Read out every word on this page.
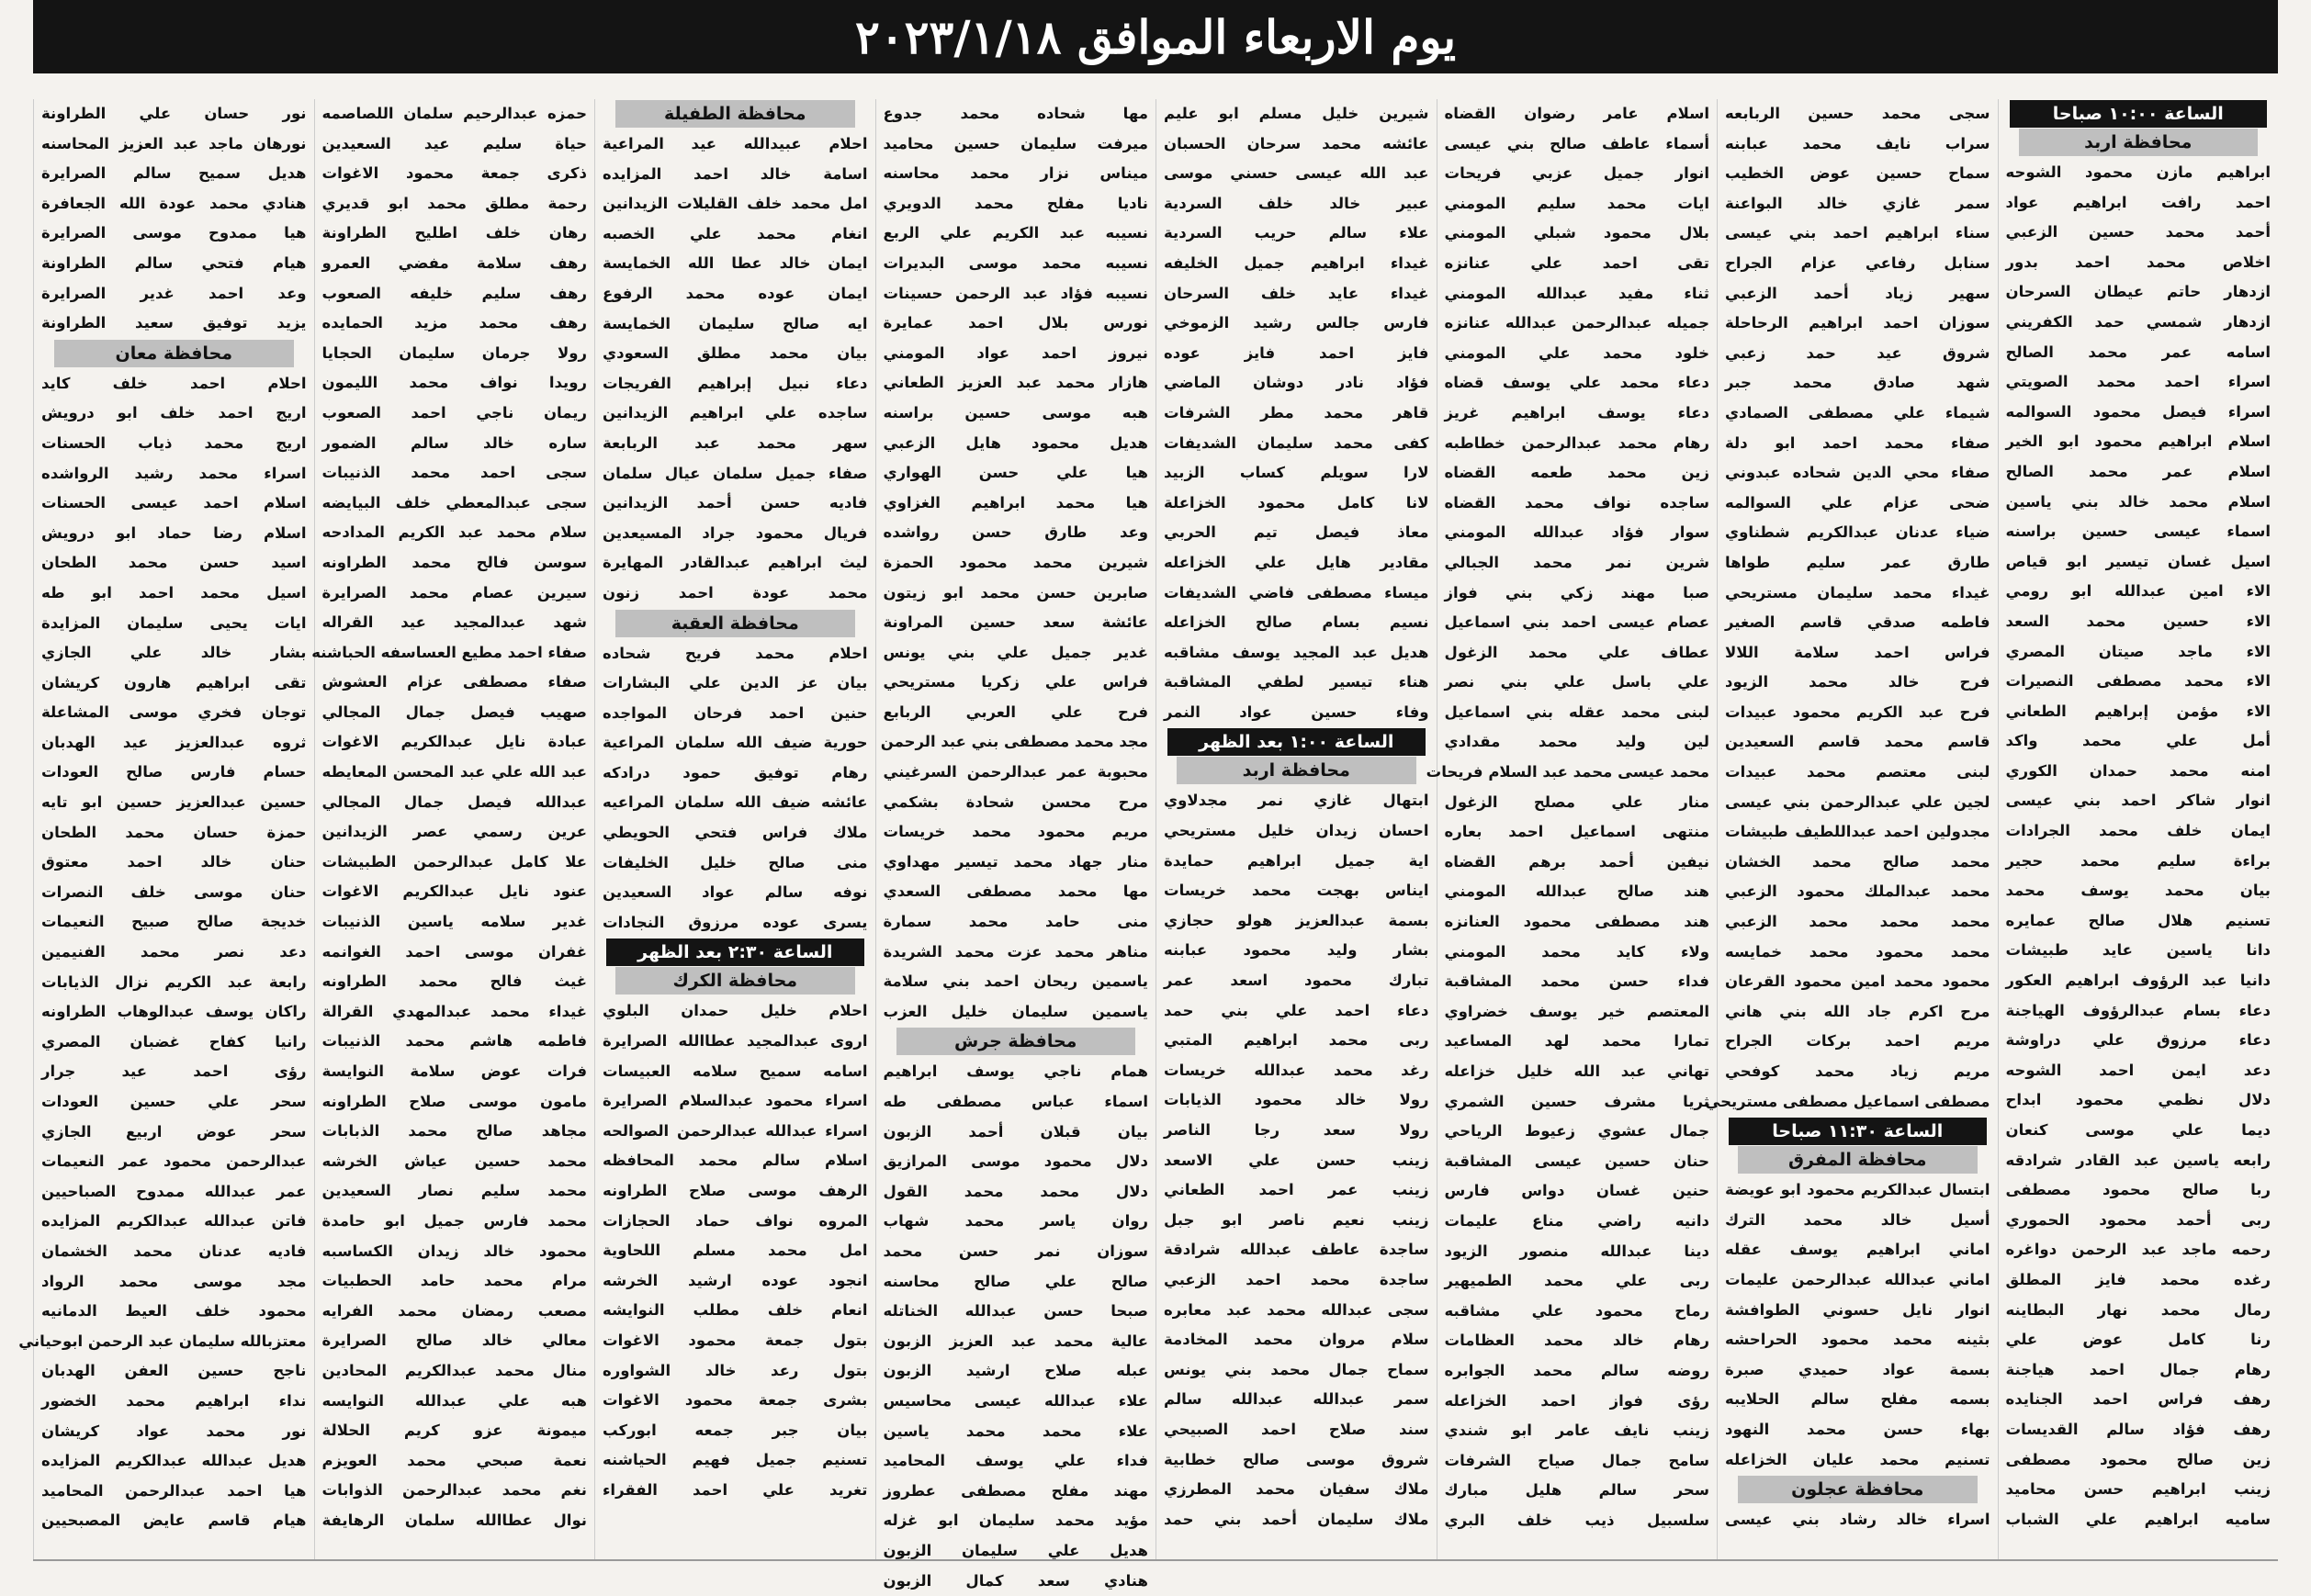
يوم الاربعاء الموافق ٢٠٢٣/١/١٨
الساعة ١٠:٠٠ صباحا
محافظة اربد
ابراهيم مازن محمود الشوحه
احمد رافت ابراهيم عواد
أحمد محمد حسين الزعبي
اخلاص محمد احمد بدور
ازدهار حاتم عيطان السرحان
ازدهار شمسي حمد الكفريني
اسامه عمر محمد الصالح
اسراء احمد محمد الصويتي
اسراء فيصل محمود السوالمه
اسلام ابراهيم محمود ابو الخير
اسلام عمر محمد الصالح
اسلام محمد خالد بني ياسين
اسماء عيسى حسين براسنه
اسيل غسان تيسير ابو قياص
الاء امين عبدالله ابو رومي
الاء حسين محمد السعد
الاء ماجد صيتان المصري
الاء محمد مصطفى النصيرات
الاء مؤمن إبراهيم الطعاني
أمل علي محمد واكد
امنه محمد حمدان الكوري
انوار شاكر احمد بني عيسى
ايمان خلف محمد الجرادات
براءة سليم محمد حجير
بيان محمد يوسف محمد
تسنيم هلال صالح عمايره
دانا ياسين عايد طبيشات
دانيا عبد الرؤوف ابراهيم العكور
دعاء بسام عبدالرؤوف الهياجنة
دعاء مرزوق علي دراوشة
دعد ايمن احمد الشوحه
دلال نظمي محمود ابداح
ديما علي موسى كنعان
رابعه ياسين عبد القادر شرادقه
ربا صالح محمود مصطفى
ربى أحمد محمود الحموري
رحمه ماجد عبد الرحمن دواغره
رغده محمد فايز المطلق
رمال محمد نهار البطاينه
رنا كامل عوض علي
رهام جمال احمد هياجنة
رهف فراس احمد الجنايده
رهف فؤاد سالم القديسات
زين صالح محمود مصطفى
زينب ابراهيم حسن محاميد
ساميه ابراهيم علي الشباب
سجى محمد حسين الربابعه
سراب نايف محمد عبابنه
سماح حسين عوض الخطيب
سمر غازي خالد البواعنة
سناء ابراهيم احمد بني عيسى
سنابل رفاعي عزام الجراح
سهير زياد أحمد الزعبي
سوزان احمد ابراهيم الرحاحلة
شروق عيد حمد زعبي
شهد صادق محمد جبر
شيماء علي مصطفى الصمادي
صفاء محمد احمد ابو دلة
صفاء محي الدين شحاده عبدوني
ضحى عزام علي السوالمه
ضياء عدنان عبدالكريم شطناوي
طارق عمر سليم طواها
غيداء محمد سليمان مستريحي
فاطمه صدقي قاسم الصغير
فراس احمد سلامة اللالا
فرح خالد محمد الزيود
فرح عبد الكريم محمود عبيدات
قاسم محمد قاسم السعيدين
لبنى معتصم محمد عبيدات
لجين علي عبدالرحمن بني عيسى
مجدولين احمد عبداللطيف طبيشات
محمد صالح محمد الخشان
محمد عبدالملك محمود الزعبي
محمد محمد محمد الزعبي
محمد محمود محمد خمايسه
محمود محمد امين محمود القرعان
مرح اكرم جاد الله بني هاني
مريم احمد بركات الجراح
مريم زياد محمد كوفحي
مصطفى اسماعيل مصطفى مستريحي
الساعة ١١:٣٠ صباحا
محافظة المفرق
ابتسال عبدالكريم محمود ابو عويضة
أسيل خالد محمد الترك
اماني ابراهيم يوسف عقله
اماني عبدالله عبدالرحمن عليمات
انوار نايل حسوني الطوافشة
بثينه محمد محمود الحراحشه
بسمة عواد حميدي صبرة
بسمه مفلح سالم الحلايبه
بهاء حسن محمد النهود
تسنيم محمد عليان الخزاعله
محافظة عجلون
اسراء خالد رشاد بني عيسى
اسلام عامر رضوان القضاه
أسماء عاطف صالح بني عيسى
انوار جميل عزبي فريحات
ايات محمد سليم المومني
بلال محمود شبلي المومني
تقى احمد علي عنانزه
ثناء مفيد عبدالله المومني
جميله عبدالرحمن عبدالله عنانزه
خلود محمد علي المومني
دعاء محمد علي يوسف قضاه
دعاء يوسف ابراهيم غريز
رهام محمد عبدالرحمن خطاطبه
زين محمد طعمه القضاه
ساجده نواف محمد القضاه
سوار فؤاد عبدالله المومني
شرين نمر محمد الجبالي
صبا مهند زكي بني فواز
عصام عيسى احمد بني اسماعيل
عطاف علي محمد الزغول
علي باسل علي بني نصر
لبنى محمد عقله بني اسماعيل
لين وليد محمد مقدادي
محمد عيسى محمد عبد السلام فريحات
منار علي مصلح الزغول
منتهى اسماعيل احمد بعاره
نيفين أحمد برهم القضاه
هند صالح عبدالله المومني
هند مصطفى محمود العنانزه
ولاء كايد محمد المومني
فداء حسن محمد المشاقبة
المعتصم خير يوسف خضراوي
تمارا محمد لهد المساعيد
تهاني عبد الله خليل خزاعله
ثريا مشرف حسين الشمري
جمال عشوي زعيوط الرياحي
حنان حسين عيسى المشاقبة
حنين غسان دواس فارس
دانيه راضي مناع عليمات
دينا عبدالله منصور الزيود
ربى علي محمد الطميهير
رماح محمود علي مشاقبه
رهام خالد محمد العظامات
روضه سالم محمد الجوابره
رؤى فواز احمد الخزاعله
زينب نايف عامر ابو شندي
سامح جمال صياح الشرفات
سحر سالم هليل مبارك
سلسبيل ذيب خلف البري
شيرين خليل مسلم ابو عليم
عائشه محمد سرحان الحسبان
عبد الله عيسى حسني موسى
عبير خالد خلف السردية
علاء سالم حريب السردية
غيداء ابراهيم جميل الخليفه
غيداء عايد خلف السرحان
فارس جالس رشيد الزموخي
فايز احمد فايز عوده
فؤاد نادر دوشان الماضي
قاهر محمد مطر الشرفات
كفى محمد سليمان الشديفات
لارا سويلم كساب الزبيد
لانا كامل محمود الخزاعلة
معاذ فيصل تيم الحربي
مقادير هايل علي الخزاعله
ميساء مصطفى فاضي الشديفات
نسيم بسام صالح الخزاعله
هديل عبد المجيد يوسف مشاقبه
هناء تيسير لطفي المشاقبة
وفاء حسين عواد النمر
الساعة ١:٠٠ بعد الظهر
محافظة اربد
ابتهال غازي نمر مجدلاوي
احسان زيدان خليل مستريحي
اية جميل ابراهيم حمايدة
ايناس بهجت محمد خريسات
بسمة عبدالعزيز هولو حجازي
بشار وليد محمود عبابنه
تبارك محمود اسعد عمر
دعاء احمد علي بني حمد
ربى محمد ابراهيم المتبي
رغد محمد عبدالله خريسات
رولا خالد محمود الذيابات
رولا سعد رجا الناصر
زينب حسن علي الاسعد
زينب عمر احمد الطعاني
زينب نعيم ناصر ابو جبل
ساجدة عاطف عبدالله شرادقة
ساجدة محمد احمد الزعبي
سجى عبدالله محمد عبد معابره
سلام مروان محمد المخادمة
سماح جمال محمد بني يونس
سمر عبدالله عبدالله سالم
سند صلاح احمد الصبيحي
شروق موسى صالح خطابية
ملاك سفيان محمد المطرزي
ملاك سليمان أحمد بني حمد
مها شحاده محمد جدوع
ميرفت سليمان حسين محاميد
ميناس نزار محمد محاسنه
ناديا مفلح محمد الدويري
نسيبه عبد الكريم علي الربع
نسيبه محمد موسى البديرات
نسيبه فؤاد عبد الرحمن حسينات
نورس بلال احمد عمايرة
نيروز احمد عواد المومني
هازار محمد عبد العزيز الطعاني
هبه موسى حسين براسنه
هديل محمود هايل الزعبي
هيا علي حسن الهواري
هيا محمد ابراهيم الغزاوي
وعد طارق حسن رواشده
شيرين محمد محمود الحمزة
صابرين حسن محمد ابو زيتون
عائشة سعد حسين المراونة
غدير جميل علي بني يونس
فراس علي زكريا مستريحي
فرح علي العربي الربابع
مجد محمد مصطفى بني عبد الرحمن
محبوبة عمر عبدالرحمن السرغيني
مرح محسن شحادة بشكمي
مريم محمود محمد خريسات
منار جهاد محمد تيسير مهداوي
مها محمد مصطفى السعدي
منى حامد محمد سمارة
مناهر محمد عزت محمد الشريدة
ياسمين ريحان احمد بني سلامة
ياسمين سليمان خليل العزب
محافظة جرش
همام ناجي يوسف ابراهيم
اسماء عباس مصطفى طه
بيان قبلان أحمد الزبون
دلال محمود موسى المرازيق
دلال محمد محمد القول
روان ياسر محمد شهاب
سوزان نمر حسن محمد
صالح علي صالح محاسنه
صبحا حسن عبدالله الخناتله
عالية محمد عبد العزيز الزبون
عبله صلاح ارشيد الزبون
علاء عبدالله عيسى محاسيس
علاء محمد محمد ياسين
فداء علي يوسف المحاميد
مهند مفلح مصطفى عطروز
مؤيد محمد سليمان ابو غزله
هديل علي سليمان الزبون
هنادي سعد كمال الزبون
محافظة الطفيلة
احلام عبيدالله عيد المراعية
اسامة خالد احمد المزايده
امل محمد خلف القليلات الزيدانين
انغام محمد علي الخصبه
ايمان خالد عطا الله الخمايسة
ايمان عوده محمد الرفوع
ايه صالح سليمان الخمايسة
بيان محمد مطلق السعودي
دعاء نبيل إبراهيم الفريجات
ساجده علي ابراهيم الزيدانين
سهر محمد عبد الربابعة
صفاء جميل سلمان عيال سلمان
فاديه حسن أحمد الزيدانين
فريال محمود جراد المسيعدين
ليث ابراهيم عبدالقادر المهايرة
محمد عودة احمد زنون
محافظة العقبة
احلام محمد فريح شحاده
بيان عز الدين علي البشارات
حنين احمد فرحان المواجده
حورية ضيف الله سلمان المراعية
رهام توفيق حمود درادكه
عائشه ضيف الله سلمان المراعيه
ملاك فراس فتحي الحويطي
منى صالح خليل الخليفات
نوفه سالم عواد السعيدين
يسرى عوده مرزوق النجادات
الساعة ٢:٣٠ بعد الظهر
محافظة الكرك
احلام خليل حمدان البلوي
اروى عبدالمجيد عطاالله الصرايرة
اسامه سميح سلامه العبيسات
اسراء محمود عبدالسلام الصرايرة
اسراء عبدالله عبدالرحمن الصوالحه
اسلام سالم محمد المحافظه
الرهف موسى صلاح الطراونه
المروه نواف حماد الحجازات
امل محمد مسلم اللحاوية
انجود عوده ارشيد الخرشه
انعام خلف مطلب النوايشه
بتول جمعة محمود الاغوات
بتول رعد خالد الشواوره
بشرى جمعة محمود الاغوات
بيان جبر جمعه ابورکب
تسنيم جميل فهيم الحياشنه
تغريد علي احمد الفقراء
حمزه عبدالرحيم سلمان اللصاصمه
حياة سليم عيد السعيدين
ذكرى جمعة محمود الاغوات
رحمة مطلق محمد ابو قديري
رهان خلف اطليح الطراونة
رهف سلامة مفضي العمرو
رهف سليم خليفه الصعوب
رهف محمد مزيد الحمايده
رولا جرمان سليمان الحجايا
رويدا نواف محمد الليمون
ريمان ناجي احمد الصعوب
ساره خالد سالم الضمور
سجى احمد محمد الذنيبات
سجى عبدالمعطي خلف البيايضه
سلام محمد عبد الكريم المدادحه
سوسن فالح محمد الطراونه
سيرين عصام محمد الصرايرة
شهد عبدالمجيد عيد القراله
صفاء احمد مطيع العساسفه الحباشنه
صفاء مصطفى عزام العشوش
صهيب فيصل جمال المجالي
عبادة نايل عبدالكريم الاغوات
عبد الله علي عبد المحسن المعايطه
عبدالله فيصل جمال المجالي
عرين رسمي عصر الزيدانين
علا كامل عبدالرحمن الطبيشات
عنود نايل عبدالكريم الاغوات
غدير سلامه ياسين الذنيبات
غفران موسى احمد الغوانمه
غيث فالح محمد الطراونه
غيداء محمد عبدالمهدي القرالة
فاطمه هاشم محمد الذنيبات
فرات عوض سلامة النوايسة
مامون موسى صلاح الطراونه
مجاهد صالح محمد الذبابات
محمد حسين عياش الخرشه
محمد سليم نصار السعيدين
محمد فارس جميل ابو حامدة
محمود خالد زيدان الكساسبه
مرام محمد حامد الحطبيات
مصعب رمضان محمد الفرايه
معالي خالد صالح الصرايرة
منال محمد عبدالكريم المحادين
هبه علي عبدالله النوايسه
ميمونة عزو كريم الحلالة
نعمة صبحي محمد العويزم
نغم محمد عبدالرحمن الذوابات
نوال عطاالله سلمان الرهايفة
نور حسان علي الطراونة
نورهان ماجد عبد العزيز المحاسنه
هديل سميح سالم الصرايرة
هنادي محمد عودة الله الجعافرة
هيا ممدوح موسى الصرايرة
هيام فتحي سالم الطراونة
وعد احمد غدير الصرايرة
يزيد توفيق سعيد الطراونة
محافظة معان
احلام احمد خلف كايد
اريج احمد خلف ابو درويش
اريج محمد ذياب الحسنات
اسراء محمد رشيد الرواشده
اسلام احمد عيسى الحسنات
اسلام رضا حماد ابو درويش
اسيد حسن محمد الطحان
اسيل محمد احمد ابو طه
ايات يحيى سليمان المزايدة
بشار خالد علي الجازي
تقى ابراهيم هارون كريشان
توجان فخري موسى المشاعلة
ثروه عبدالعزيز عيد الهدبان
حسام فارس صالح العودات
حسين عبدالعزيز حسين ابو تايه
حمزة حسان محمد الطحان
حنان خالد احمد معتوق
حنان موسى خلف النصرات
خديجة صالح صبيح النعيمات
دعد نصر محمد الفنيمين
رابعة عبد الكريم نزال الذيابات
راكان يوسف عبدالوهاب الطراونه
رانيا كفاح غضبان المصري
رؤى احمد عيد جرار
سحر علي حسين العودات
سحر عوض اربيع الجازي
عبدالرحمن محمود عمر النعيمات
عمر عبدالله ممدوح الصباحيين
فاتن عبدالله عبدالكريم المزايده
فاديه عدنان محمد الخشمان
مجد موسى محمد الرواد
محمود خلف العيط الدمانيه
معتزبالله سليمان عبد الرحمن ابوحياني
ناجح حسين العفن الهدبان
نداء ابراهيم محمد الخضور
نور محمد عواد كريشان
هديل عبدالله عبدالكريم المزايده
هيا احمد عبدالرحمن المحاميد
هيام قاسم عايض المصبحيين
